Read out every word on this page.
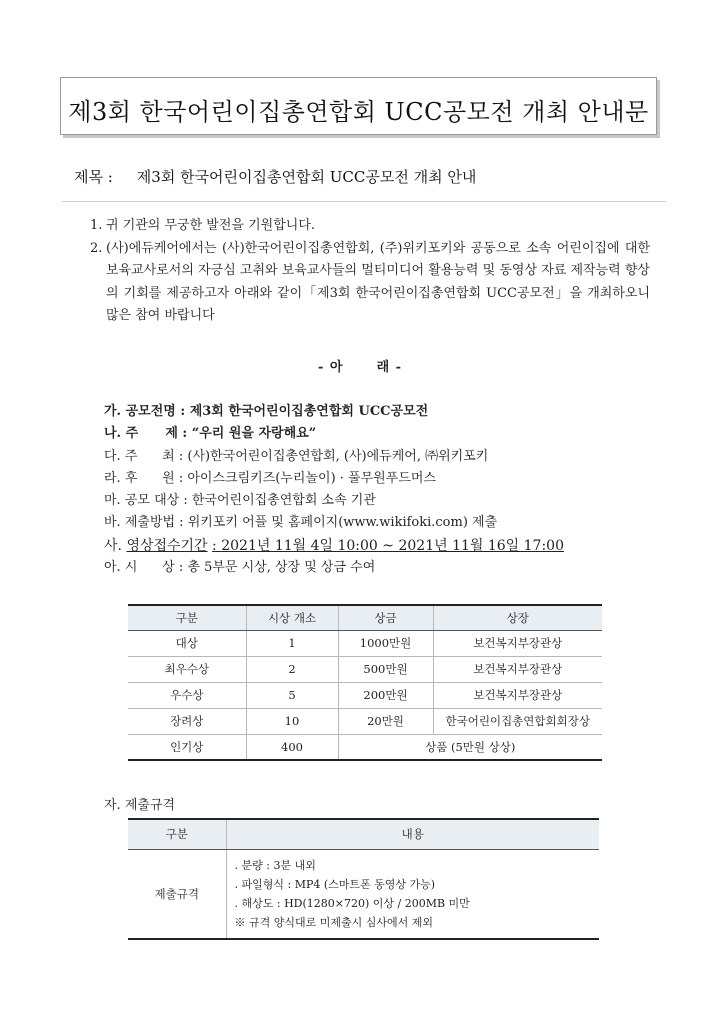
제3회 한국어린이집총연합회 UCC공모전 개최 안내문
제목 : 제3회 한국어린이집총연합회 UCC공모전 개최 안내
1. 귀 기관의 무궁한 발전을 기원합니다.
2. (사)에듀케어에서는 (사)한국어린이집총연합회, (주)위키포키와 공동으로 소속 어린이집에 대한 보육교사로서의 자긍심 고취와 보육교사들의 멀티미디어 활용능력 및 동영상 자료 제작능력 향상의 기회를 제공하고자 아래와 같이「제3회 한국어린이집총연합회 UCC공모전」을 개최하오니 많은 참여 바랍니다
- 아      래 -
가. 공모전명 : 제3회 한국어린이집총연합회 UCC공모전
나. 주      제 : “우리 원을 자랑해요”
다. 주      최 : (사)한국어린이집총연합회, (사)에듀케어, ㈜위키포키
라. 후      원 : 아이스크림키즈(누리놀이) · 풀무원푸드머스
마. 공모 대상 : 한국어린이집총연합회 소속 기관
바. 제출방법 : 위키포키 어플 및 홈페이지(www.wikifoki.com) 제출
사. 영상접수기간 : 2021년 11월 4일 10:00 ~ 2021년 11월 16일 17:00
아. 시      상 : 총 5부문 시상, 상장 및 상금 수여
구분	시상 개소	상금	상장
대상	1	1000만원	보건복지부장관상
최우수상	2	500만원	보건복지부장관상
우수상	5	200만원	보건복지부장관상
장려상	10	20만원	한국어린이집총연합회회장상
인기상	400	상품 (5만원 상상)	
자. 제출규격
구분	내용
제출규격	. 분량 : 3분 내외
. 파일형식 : MP4 (스마트폰 동영상 가능)
. 해상도 : HD(1280×720) 이상 / 200MB 미만
※ 규격 양식대로 미제출시 심사에서 제외
